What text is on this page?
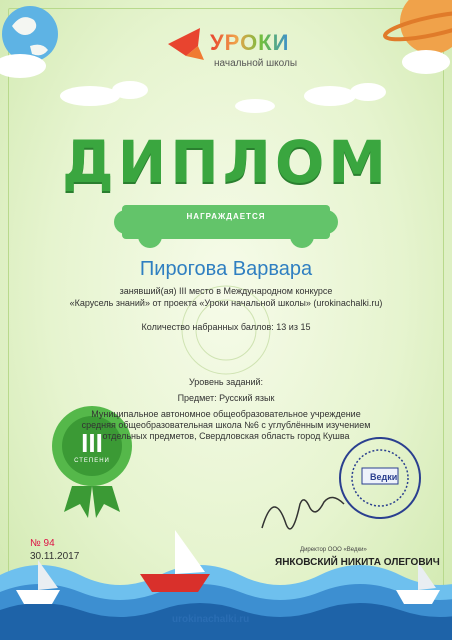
УРОКИ
начальной школы
ДИПЛОМ
НАГРАЖДАЕТСЯ
Пирогова Варвара
занявший(ая) III место в Международном конкурсе
«Карусель знаний» от проекта «Уроки начальной школы» (urokinachalki.ru)
Количество набранных баллов: 13 из 15
Уровень заданий:
Предмет: Русский язык
Муниципальное автономное общеобразовательное учреждение
средняя общеобразовательная школа №6 с углублённым изучением
отдельных предметов, Свердловская область город Кушва
III
СТЕПЕНИ
Ведки
№ 94
30.11.2017
Директор ООО «Ведки»
ЯНКОВСКИЙ НИКИТА ОЛЕГОВИЧ
urokinachalki.ru
